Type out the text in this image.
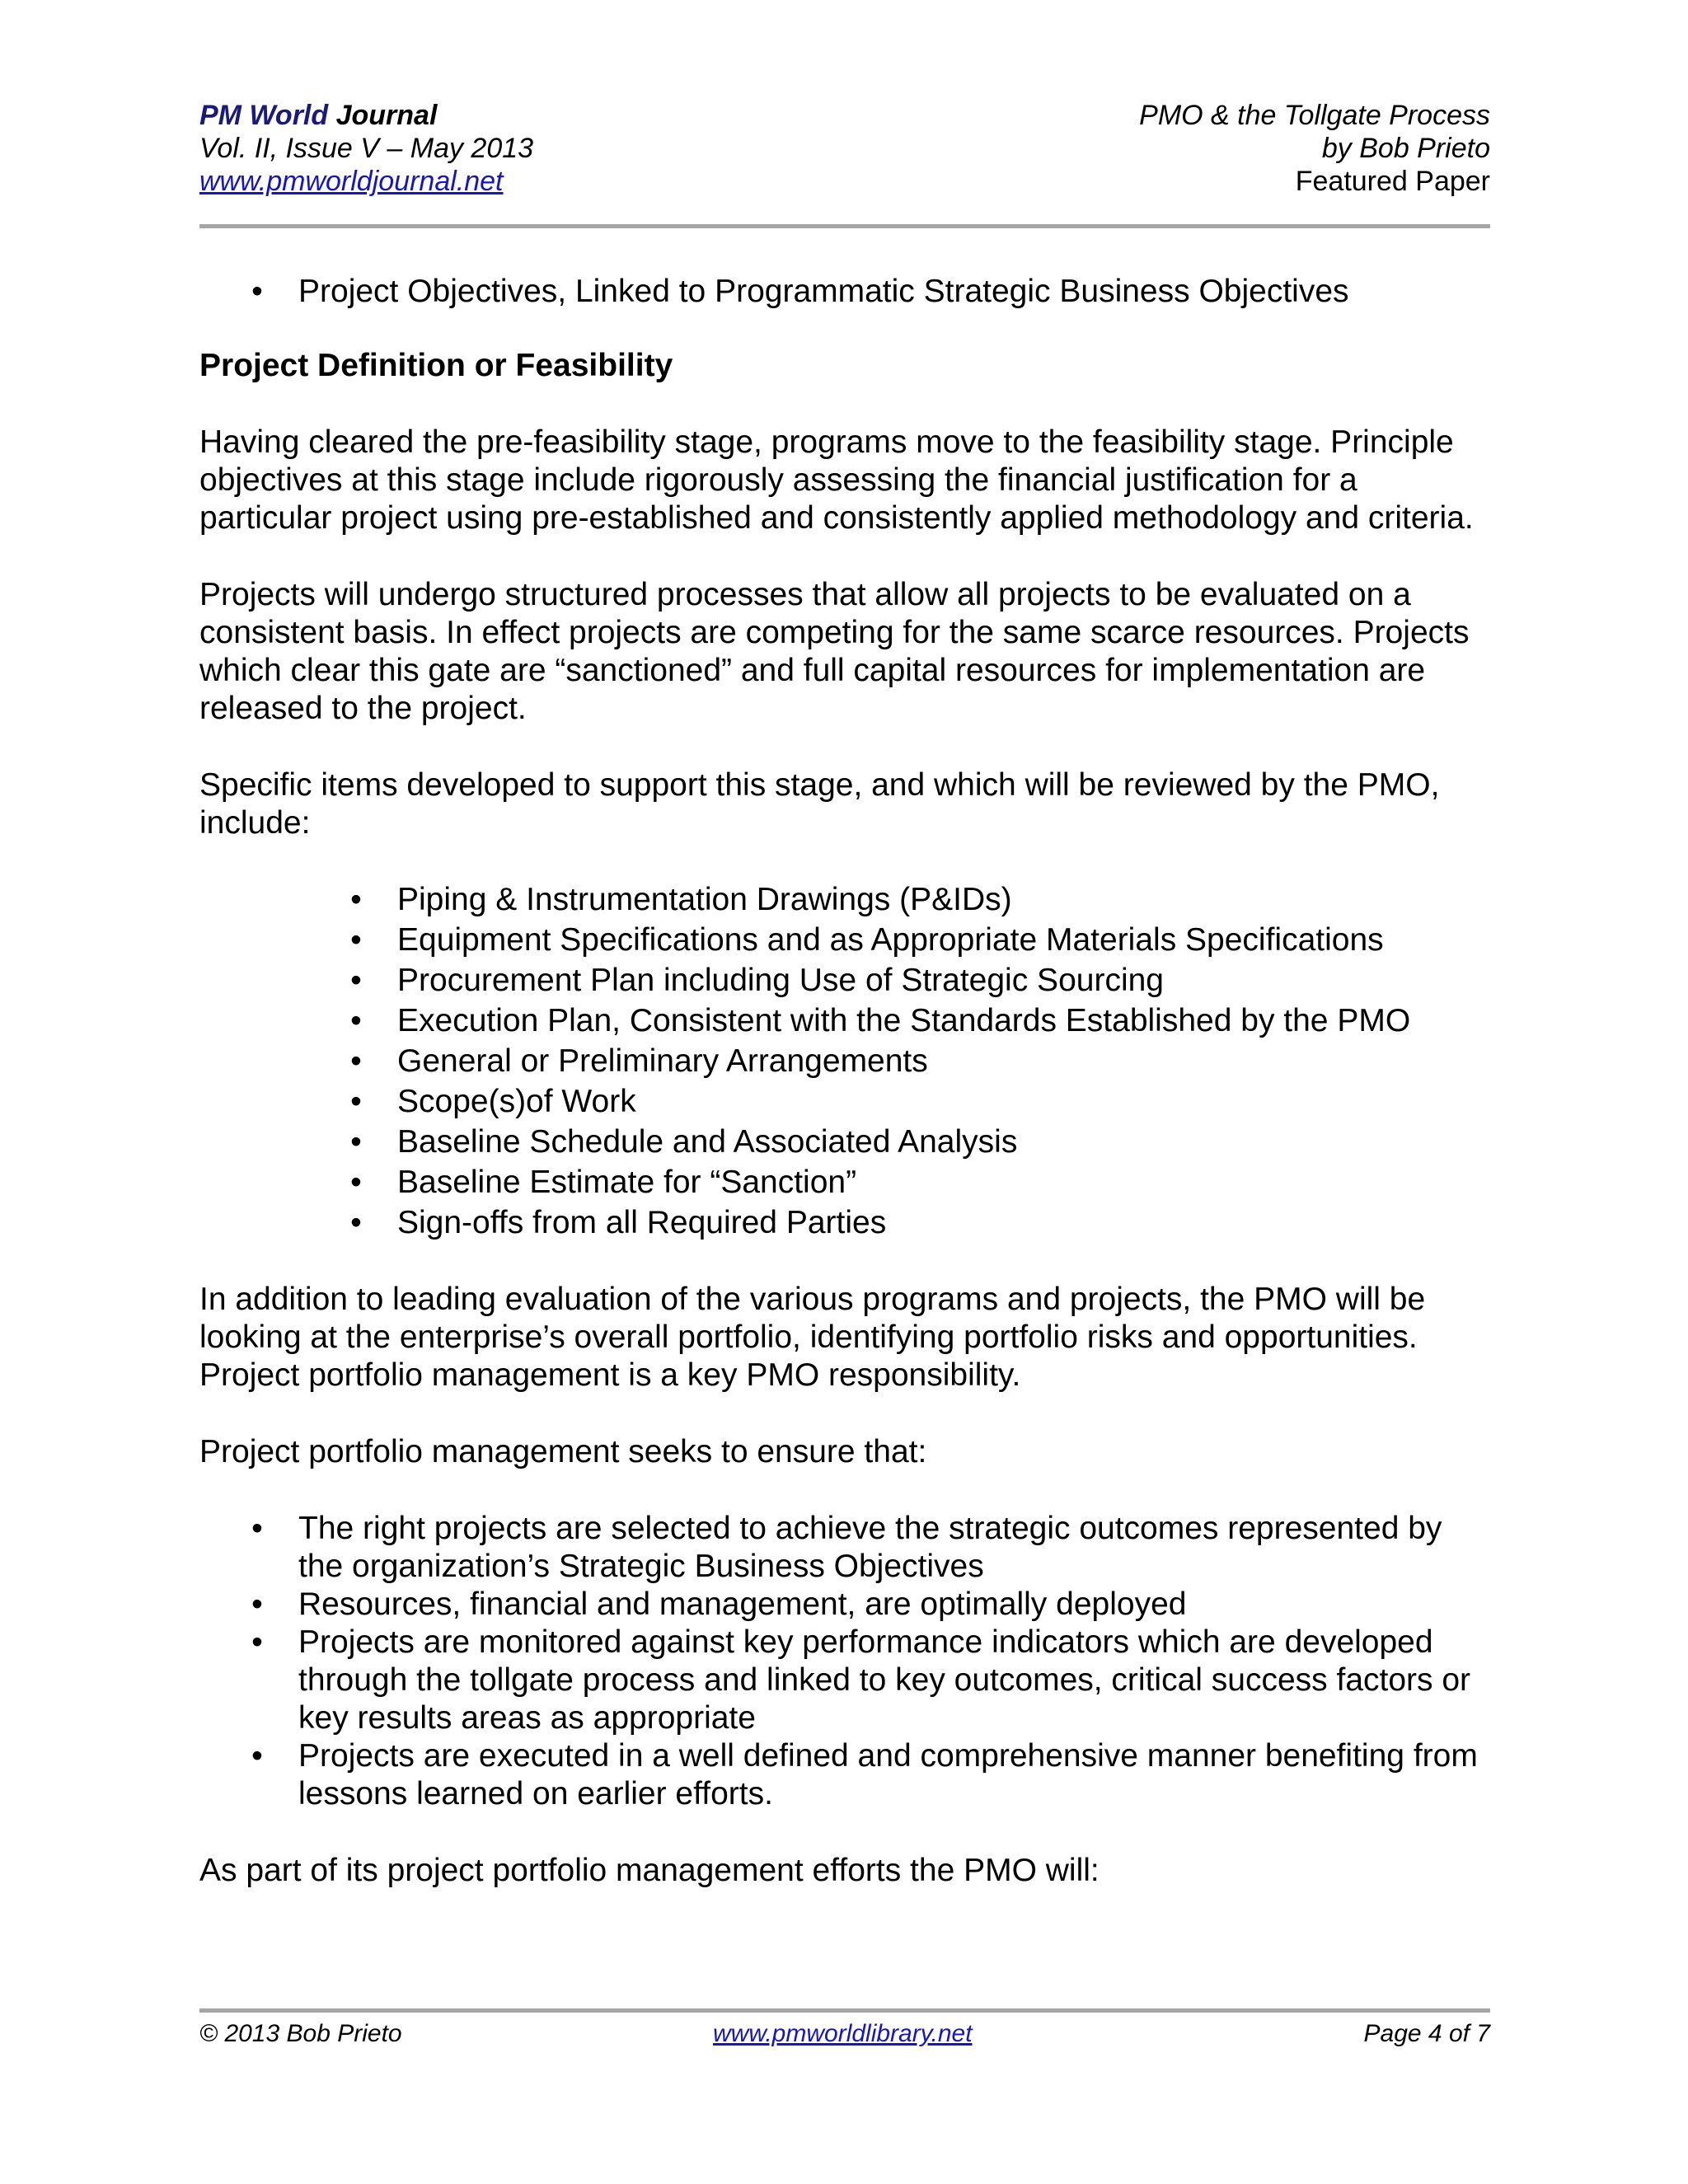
PM World Journal
Vol. II, Issue V – May 2013
www.pmworldjournal.net
PMO & the Tollgate Process
by Bob Prieto
Featured Paper
• Project Objectives, Linked to Programmatic Strategic Business Objectives
Project Definition or Feasibility

Having cleared the pre-feasibility stage, programs move to the feasibility stage. Principle objectives at this stage include rigorously assessing the financial justification for a particular project using pre-established and consistently applied methodology and criteria.

Projects will undergo structured processes that allow all projects to be evaluated on a consistent basis. In effect projects are competing for the same scarce resources. Projects which clear this gate are “sanctioned” and full capital resources for implementation are released to the project.

Specific items developed to support this stage, and which will be reviewed by the PMO, include:

• Piping & Instrumentation Drawings (P&IDs)
• Equipment Specifications and as Appropriate Materials Specifications
• Procurement Plan including Use of Strategic Sourcing
• Execution Plan, Consistent with the Standards Established by the PMO
• General or Preliminary Arrangements
• Scope(s)of Work
• Baseline Schedule and Associated Analysis
• Baseline Estimate for “Sanction”
• Sign-offs from all Required Parties

In addition to leading evaluation of the various programs and projects, the PMO will be looking at the enterprise’s overall portfolio, identifying portfolio risks and opportunities. Project portfolio management is a key PMO responsibility.

Project portfolio management seeks to ensure that:

• The right projects are selected to achieve the strategic outcomes represented by the organization’s Strategic Business Objectives
• Resources, financial and management, are optimally deployed
• Projects are monitored against key performance indicators which are developed through the tollgate process and linked to key outcomes, critical success factors or key results areas as appropriate
• Projects are executed in a well defined and comprehensive manner benefiting from lessons learned on earlier efforts.

As part of its project portfolio management efforts the PMO will:

© 2013 Bob Prieto	www.pmworldlibrary.net	Page 4 of 7
